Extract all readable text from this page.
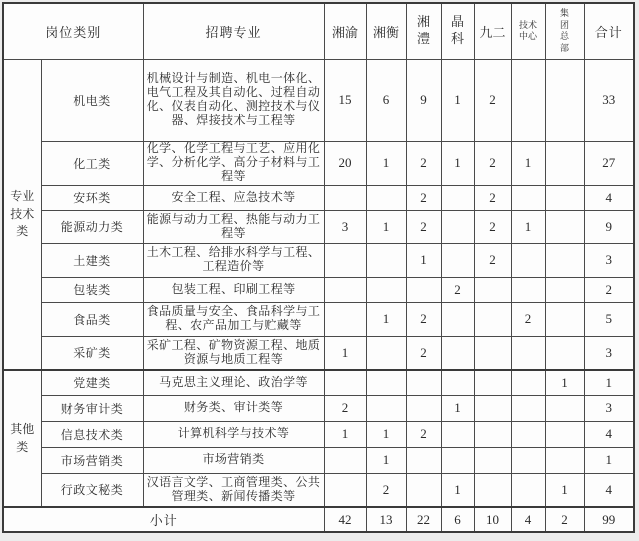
岗位类别		招聘专业	湘渝	湘衡	湘澧	晶科	九二	技术中心	集团总部	合计
专业技术类	机电类	机械设计与制造、机电一体化、电气工程及其自动化、过程自动化、仪表自动化、测控技术与仪器、焊接技术与工程等	15	6	9	1	2			33
	化工类	化学、化学工程与工艺、应用化学、分析化学、高分子材料与工程等	20	1	2	1	2	1		27
	安环类	安全工程、应急技术等			2		2			4
	能源动力类	能源与动力工程、热能与动力工程等	3	1	2		2	1		9
	土建类	土木工程、给排水科学与工程、工程造价等			1		2			3
	包装类	包装工程、印刷工程等				2				2
	食品类	食品质量与安全、食品科学与工程、农产品加工与贮藏等		1	2			2		5
	采矿类	采矿工程、矿物资源工程、地质资源与地质工程等	1		2					3
其他类	党建类	马克思主义理论、政治学等							1	1
	财务审计类	财务类、审计类等	2			1				3
	信息技术类	计算机科学与技术等	1	1	2					4
	市场营销类	市场营销类		1						1
	行政文秘类	汉语言文学、工商管理类、公共管理类、新闻传播类等		2		1			1	4
小计			42	13	22	6	10	4	2	99
